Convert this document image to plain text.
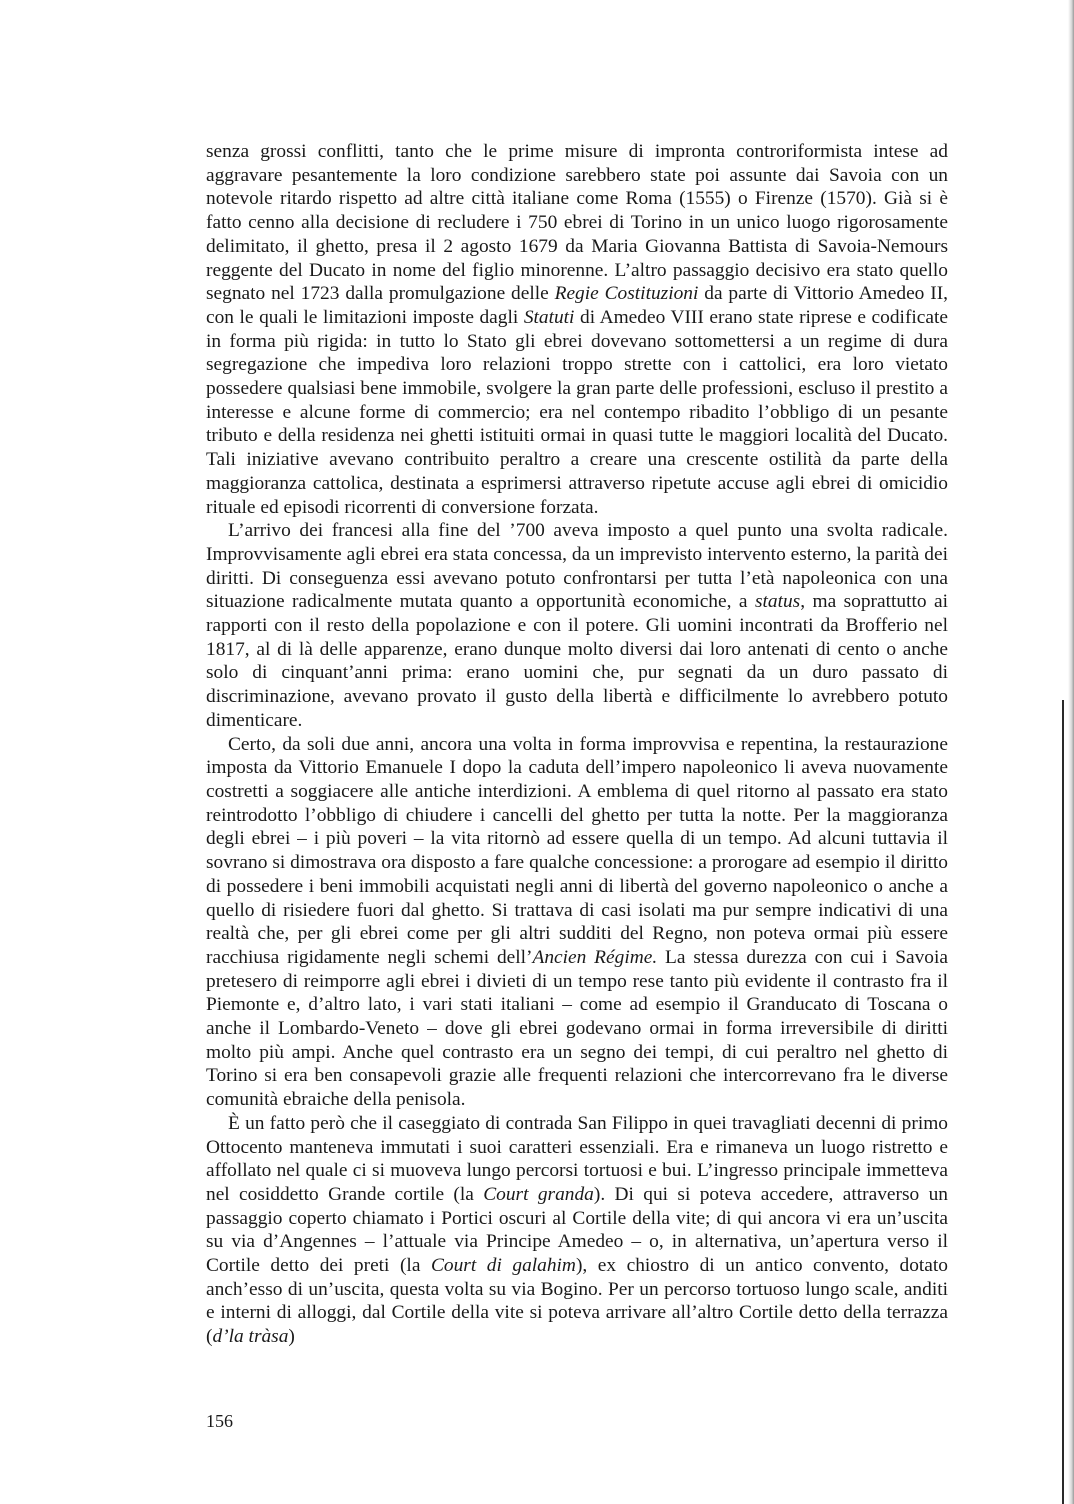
senza grossi conflitti, tanto che le prime misure di impronta controriformista intese ad aggravare pesantemente la loro condizione sarebbero state poi assunte dai Savoia con un notevole ritardo rispetto ad altre città italiane come Roma (1555) o Firenze (1570). Già si è fatto cenno alla decisione di recludere i 750 ebrei di Torino in un unico luogo rigorosamente delimitato, il ghetto, presa il 2 agosto 1679 da Maria Giovanna Battista di Savoia-Nemours reggente del Ducato in nome del figlio minorenne. L’altro passaggio decisivo era stato quello segnato nel 1723 dalla promulgazione delle Regie Costituzioni da parte di Vittorio Amedeo II, con le quali le limitazioni imposte dagli Statuti di Amedeo VIII erano state riprese e codificate in forma più rigida: in tutto lo Stato gli ebrei dovevano sottomettersi a un regime di dura segregazione che impediva loro relazioni troppo strette con i cattolici, era loro vietato possedere qualsiasi bene immobile, svolgere la gran parte delle professioni, escluso il prestito a interesse e alcune forme di commercio; era nel contempo ribadito l’obbligo di un pesante tributo e della residenza nei ghetti istituiti ormai in quasi tutte le maggiori località del Ducato. Tali iniziative avevano contribuito peraltro a creare una crescente ostilità da parte della maggioranza cattolica, destinata a esprimersi attraverso ripetute accuse agli ebrei di omicidio rituale ed episodi ricorrenti di conversione forzata.

L’arrivo dei francesi alla fine del ’700 aveva imposto a quel punto una svolta radicale. Improvvisamente agli ebrei era stata concessa, da un imprevisto intervento esterno, la parità dei diritti. Di conseguenza essi avevano potuto confrontarsi per tutta l’età napoleonica con una situazione radicalmente mutata quanto a opportunità economiche, a status, ma soprattutto ai rapporti con il resto della popolazione e con il potere. Gli uomini incontrati da Brofferio nel 1817, al di là delle apparenze, erano dunque molto diversi dai loro antenati di cento o anche solo di cinquant’anni prima: erano uomini che, pur segnati da un duro passato di discriminazione, avevano provato il gusto della libertà e difficilmente lo avrebbero potuto dimenticare.

Certo, da soli due anni, ancora una volta in forma improvvisa e repentina, la restaurazione imposta da Vittorio Emanuele I dopo la caduta dell’impero napoleonico li aveva nuovamente costretti a soggiacere alle antiche interdizioni. A emblema di quel ritorno al passato era stato reintrodotto l’obbligo di chiudere i cancelli del ghetto per tutta la notte. Per la maggioranza degli ebrei – i più poveri – la vita ritornò ad essere quella di un tempo. Ad alcuni tuttavia il sovrano si dimostrava ora disposto a fare qualche concessione: a prorogare ad esempio il diritto di possedere i beni immobili acquistati negli anni di libertà del governo napoleonico o anche a quello di risiedere fuori dal ghetto. Si trattava di casi isolati ma pur sempre indicativi di una realtà che, per gli ebrei come per gli altri sudditi del Regno, non poteva ormai più essere racchiusa rigidamente negli schemi dell’Ancien Régime. La stessa durezza con cui i Savoia pretesero di reimporre agli ebrei i divieti di un tempo rese tanto più evidente il contrasto fra il Piemonte e, d’altro lato, i vari stati italiani – come ad esempio il Granducato di Toscana o anche il Lombardo-Veneto – dove gli ebrei godevano ormai in forma irreversibile di diritti molto più ampi. Anche quel contrasto era un segno dei tempi, di cui peraltro nel ghetto di Torino si era ben consapevoli grazie alle frequenti relazioni che intercorrevano fra le diverse comunità ebraiche della penisola.

È un fatto però che il caseggiato di contrada San Filippo in quei travagliati decenni di primo Ottocento manteneva immutati i suoi caratteri essenziali. Era e rimaneva un luogo ristretto e affollato nel quale ci si muoveva lungo percorsi tortuosi e bui. L’ingresso principale immetteva nel cosiddetto Grande cortile (la Court granda). Di qui si poteva accedere, attraverso un passaggio coperto chiamato i Portici oscuri al Cortile della vite; di qui ancora vi era un’uscita su via d’Angennes – l’attuale via Principe Amedeo – o, in alternativa, un’apertura verso il Cortile detto dei preti (la Court di galahim), ex chiostro di un antico convento, dotato anch’esso di un’uscita, questa volta su via Bogino. Per un percorso tortuoso lungo scale, anditi e interni di alloggi, dal Cortile della vite si poteva arrivare all’altro Cortile detto della terrazza (d’la tràsa)

156
